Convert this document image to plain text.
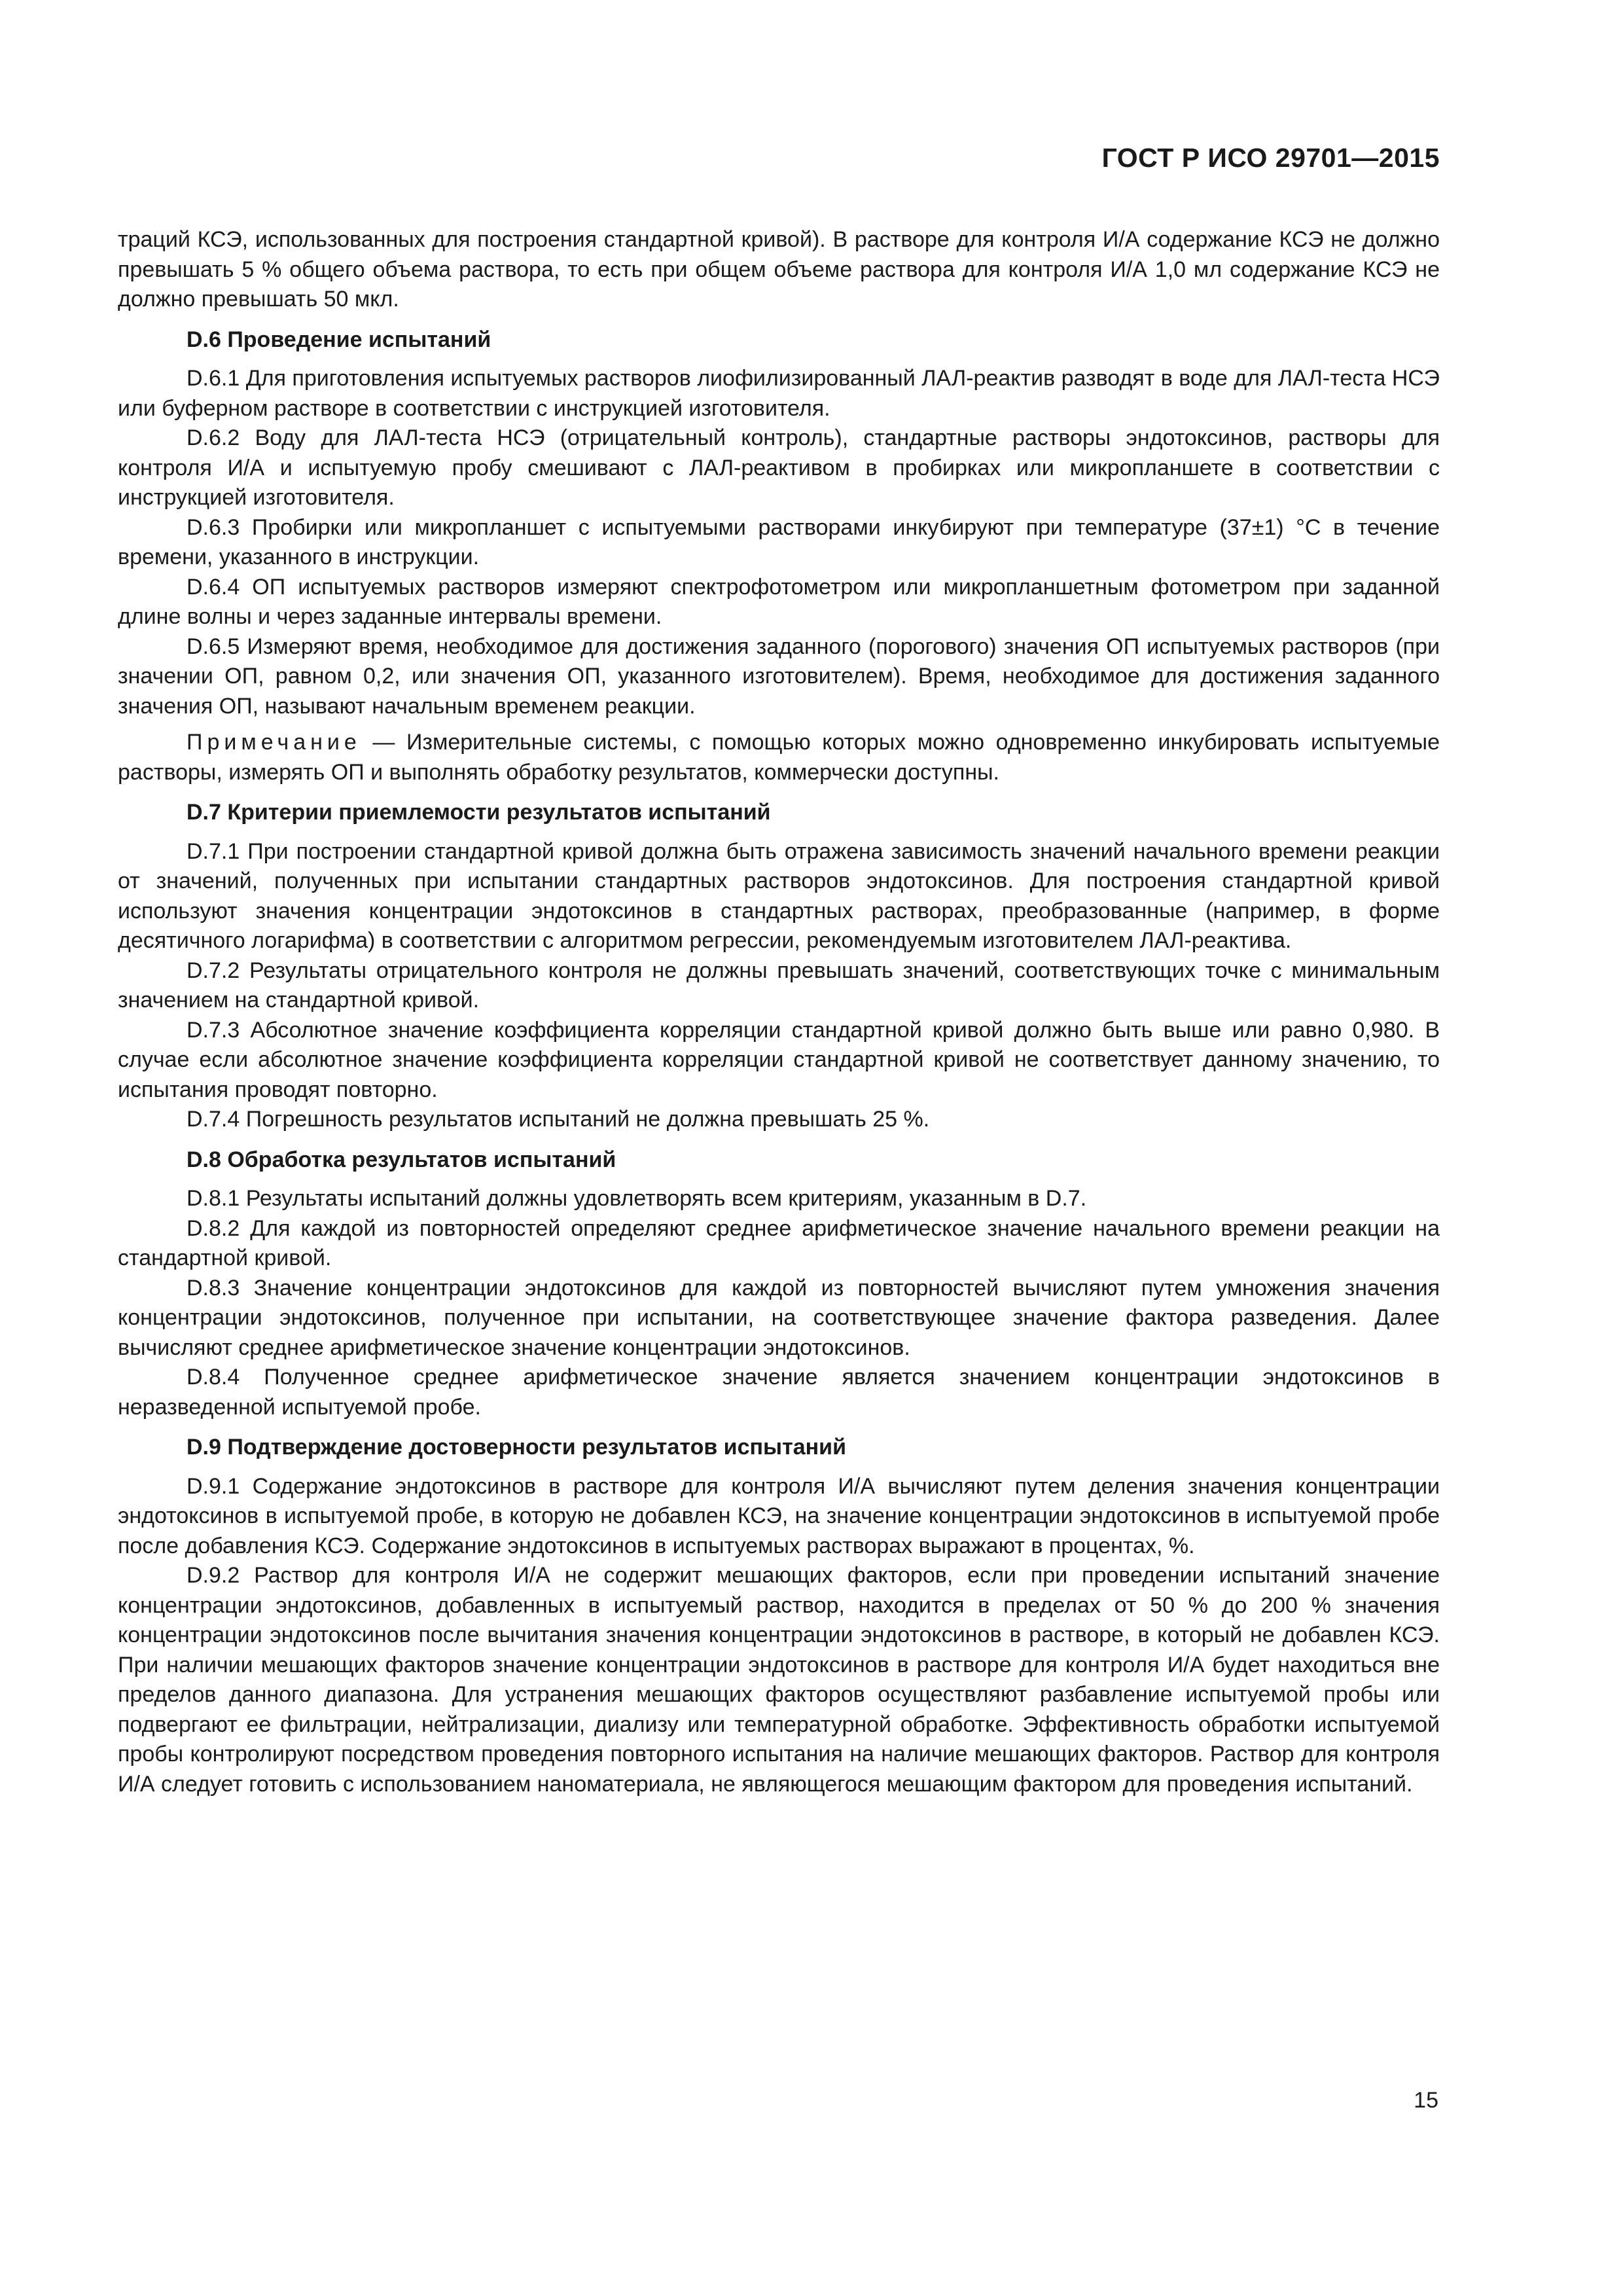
ГОСТ Р ИСО 29701—2015

траций КСЭ, использованных для построения стандартной кривой). В растворе для контроля И/А содержание КСЭ не должно превышать 5 % общего объема раствора, то есть при общем объеме раствора для контроля И/А 1,0 мл содержание КСЭ не должно превышать 50 мкл.

D.6 Проведение испытаний

D.6.1 Для приготовления испытуемых растворов лиофилизированный ЛАЛ-реактив разводят в воде для ЛАЛ-теста НСЭ или буферном растворе в соответствии с инструкцией изготовителя.

D.6.2 Воду для ЛАЛ-теста НСЭ (отрицательный контроль), стандартные растворы эндотоксинов, растворы для контроля И/А и испытуемую пробу смешивают с ЛАЛ-реактивом в пробирках или микропланшете в соответствии с инструкцией изготовителя.

D.6.3 Пробирки или микропланшет с испытуемыми растворами инкубируют при температуре (37±1) °С в течение времени, указанного в инструкции.

D.6.4 ОП испытуемых растворов измеряют спектрофотометром или микропланшетным фотометром при заданной длине волны и через заданные интервалы времени.

D.6.5 Измеряют время, необходимое для достижения заданного (порогового) значения ОП испытуемых растворов (при значении ОП, равном 0,2, или значения ОП, указанного изготовителем). Время, необходимое для достижения заданного значения ОП, называют начальным временем реакции.

Примечание — Измерительные системы, с помощью которых можно одновременно инкубировать испытуемые растворы, измерять ОП и выполнять обработку результатов, коммерчески доступны.

D.7 Критерии приемлемости результатов испытаний

D.7.1 При построении стандартной кривой должна быть отражена зависимость значений начального времени реакции от значений, полученных при испытании стандартных растворов эндотоксинов. Для построения стандартной кривой используют значения концентрации эндотоксинов в стандартных растворах, преобразованные (например, в форме десятичного логарифма) в соответствии с алгоритмом регрессии, рекомендуемым изготовителем ЛАЛ-реактива.

D.7.2 Результаты отрицательного контроля не должны превышать значений, соответствующих точке с минимальным значением на стандартной кривой.

D.7.3 Абсолютное значение коэффициента корреляции стандартной кривой должно быть выше или равно 0,980. В случае если абсолютное значение коэффициента корреляции стандартной кривой не соответствует данному значению, то испытания проводят повторно.

D.7.4 Погрешность результатов испытаний не должна превышать 25 %.

D.8 Обработка результатов испытаний

D.8.1 Результаты испытаний должны удовлетворять всем критериям, указанным в D.7.

D.8.2 Для каждой из повторностей определяют среднее арифметическое значение начального времени реакции на стандартной кривой.

D.8.3 Значение концентрации эндотоксинов для каждой из повторностей вычисляют путем умножения значения концентрации эндотоксинов, полученное при испытании, на соответствующее значение фактора разведения. Далее вычисляют среднее арифметическое значение концентрации эндотоксинов.

D.8.4 Полученное среднее арифметическое значение является значением концентрации эндотоксинов в неразведенной испытуемой пробе.

D.9 Подтверждение достоверности результатов испытаний

D.9.1 Содержание эндотоксинов в растворе для контроля И/А вычисляют путем деления значения концентрации эндотоксинов в испытуемой пробе, в которую не добавлен КСЭ, на значение концентрации эндотоксинов в испытуемой пробе после добавления КСЭ. Содержание эндотоксинов в испытуемых растворах выражают в процентах, %.

D.9.2 Раствор для контроля И/А не содержит мешающих факторов, если при проведении испытаний значение концентрации эндотоксинов, добавленных в испытуемый раствор, находится в пределах от 50 % до 200 % значения концентрации эндотоксинов после вычитания значения концентрации эндотоксинов в растворе, в который не добавлен КСЭ. При наличии мешающих факторов значение концентрации эндотоксинов в растворе для контроля И/А будет находиться вне пределов данного диапазона. Для устранения мешающих факторов осуществляют разбавление испытуемой пробы или подвергают ее фильтрации, нейтрализации, диализу или температурной обработке. Эффективность обработки испытуемой пробы контролируют посредством проведения повторного испытания на наличие мешающих факторов. Раствор для контроля И/А следует готовить с использованием наноматериала, не являющегося мешающим фактором для проведения испытаний.

15
